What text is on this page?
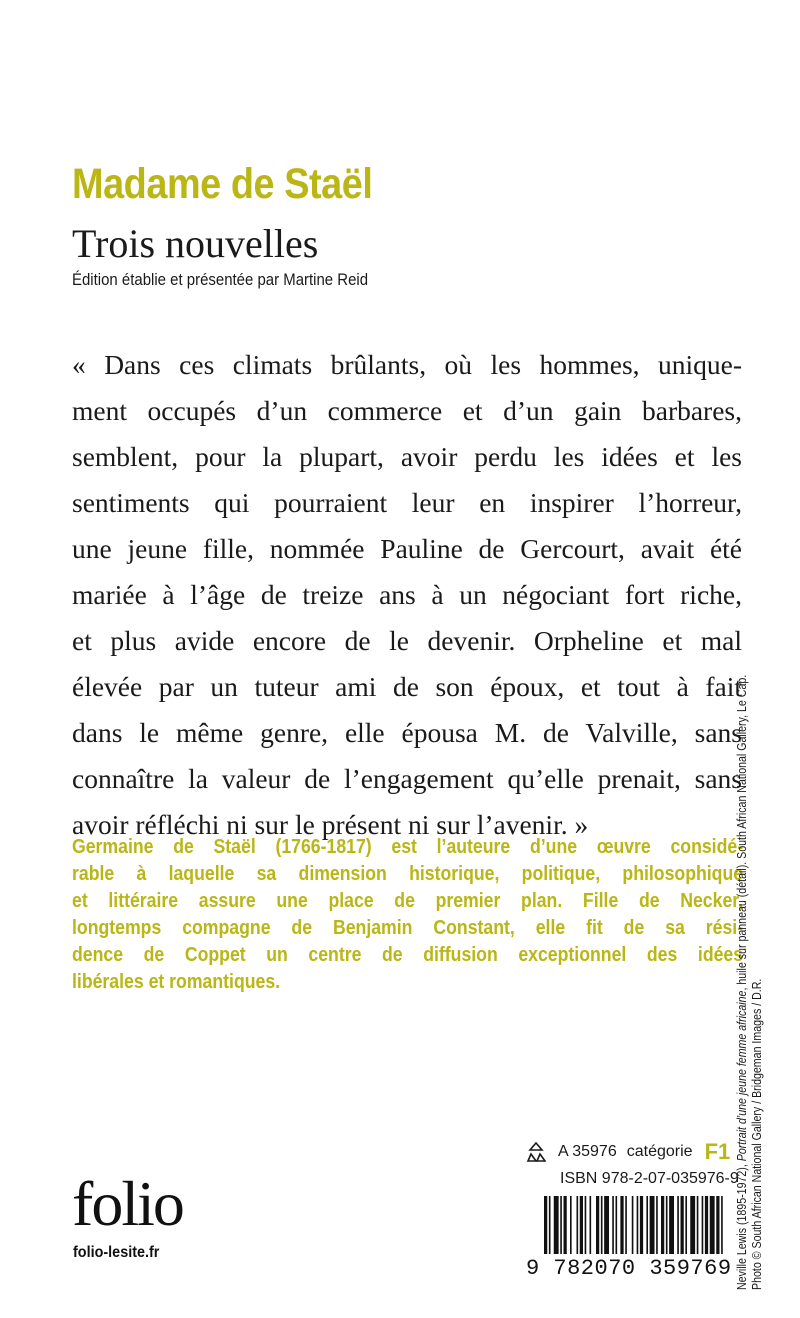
Madame de Staël
Trois nouvelles
Édition établie et présentée par Martine Reid
« Dans ces climats brûlants, où les hommes, unique-
ment occupés d’un commerce et d’un gain barbares,
semblent, pour la plupart, avoir perdu les idées et les
sentiments qui pourraient leur en inspirer l’horreur,
une jeune fille, nommée Pauline de Gercourt, avait été
mariée à l’âge de treize ans à un négociant fort riche,
et plus avide encore de le devenir. Orpheline et mal
élevée par un tuteur ami de son époux, et tout à fait
dans le même genre, elle épousa M. de Valville, sans
connaître la valeur de l’engagement qu’elle prenait, sans
avoir réfléchi ni sur le présent ni sur l’avenir. »
Germaine de Staël (1766-1817) est l’auteure d’une œuvre considé-
rable à laquelle sa dimension historique, politique, philosophique
et littéraire assure une place de premier plan. Fille de Necker,
longtemps compagne de Benjamin Constant, elle fit de sa rési-
dence de Coppet un centre de diffusion exceptionnel des idées
libérales et romantiques.
Neville Lewis (1895-1972), Portrait d’une jeune femme africaine, huile sur panneau (détail). South African National Gallery, Le Cap.
Photo © South African National Gallery / Bridgeman Images / D.R.
folio
folio-lesite.fr
A 35976 catégorie F1
ISBN 978-2-07-035976-9
9 782070 359769
